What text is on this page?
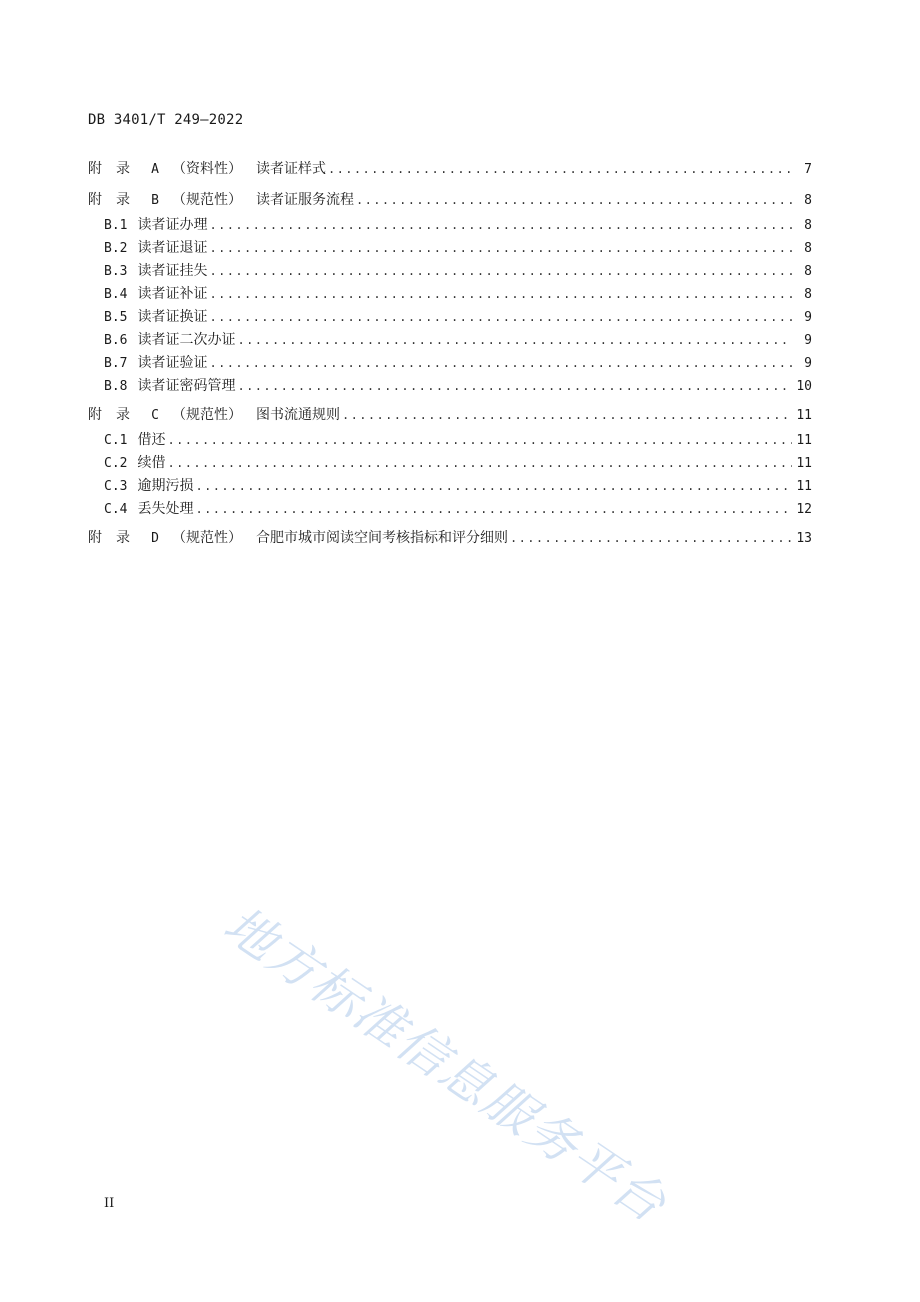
DB 3401/T 249—2022
附　录	A （资料性）	读者证样式 .....	7
附　录	B （规范性）	读者证服务流程 .....	8
B.1 读者证办理 .....	8
B.2 读者证退证 .....	8
B.3 读者证挂失 .....	8
B.4 读者证补证 .....	8
B.5 读者证换证 .....	9
B.6 读者证二次办证 .....	9
B.7 读者证验证 .....	9
B.8 读者证密码管理 .....	10
附　录	C （规范性）	图书流通规则 .....	11
C.1 借还 .....	11
C.2 续借 .....	11
C.3 逾期污损 .....	11
C.4 丢失处理 .....	12
附　录	D （规范性）	合肥市城市阅读空间考核指标和评分细则 .....	13
地方标准信息服务平台
II
